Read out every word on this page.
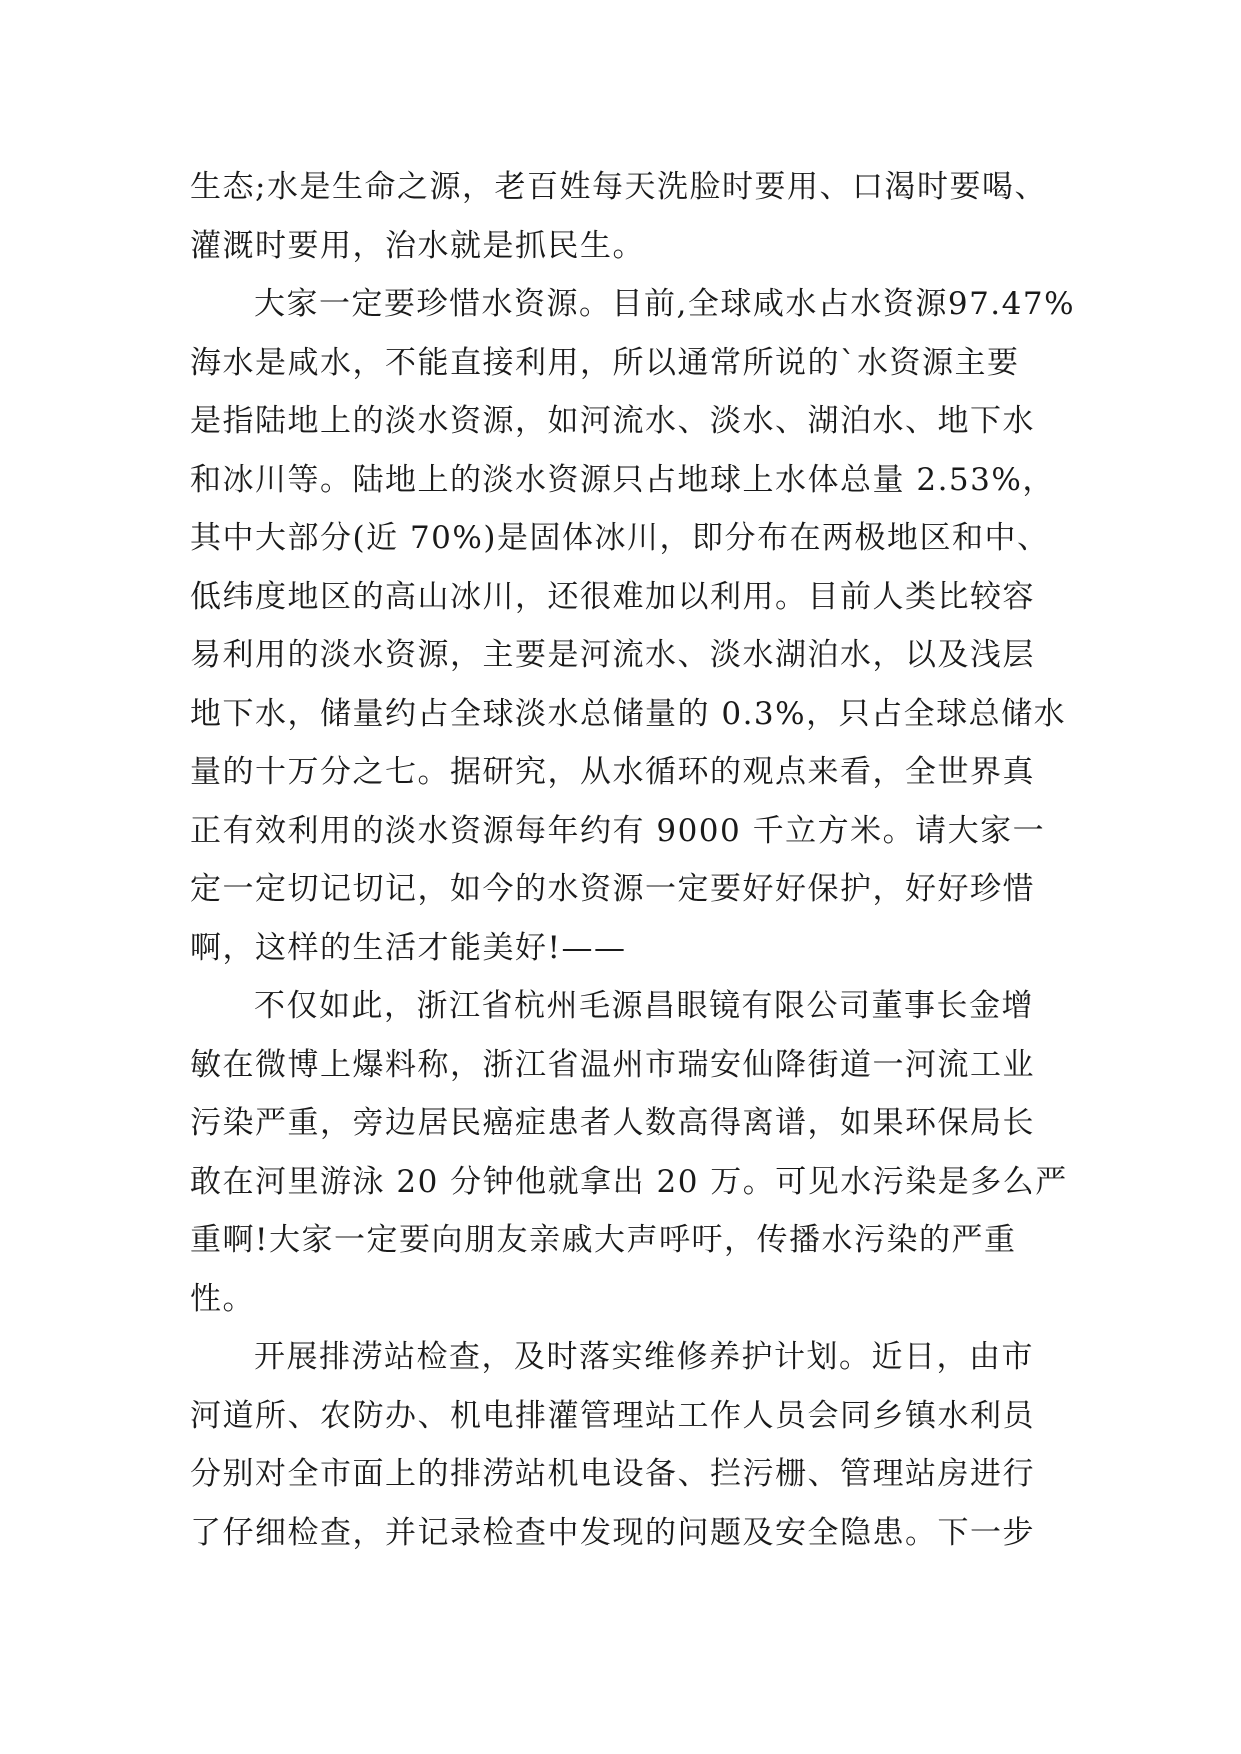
生态;水是生命之源，老百姓每天洗脸时要用、口渴时要喝、
灌溉时要用，治水就是抓民生。
大家一定要珍惜水资源。目前,全球咸水占水资源97.47%
海水是咸水，不能直接利用，所以通常所说的`水资源主要
是指陆地上的淡水资源，如河流水、淡水、湖泊水、地下水
和冰川等。陆地上的淡水资源只占地球上水体总量 2.53%，
其中大部分(近 70%)是固体冰川，即分布在两极地区和中、
低纬度地区的高山冰川，还很难加以利用。目前人类比较容
易利用的淡水资源，主要是河流水、淡水湖泊水，以及浅层
地下水，储量约占全球淡水总储量的 0.3%，只占全球总储水
量的十万分之七。据研究，从水循环的观点来看，全世界真
正有效利用的淡水资源每年约有 9000 千立方米。请大家一
定一定切记切记，如今的水资源一定要好好保护，好好珍惜
啊，这样的生活才能美好!——
不仅如此，浙江省杭州毛源昌眼镜有限公司董事长金增
敏在微博上爆料称，浙江省温州市瑞安仙降街道一河流工业
污染严重，旁边居民癌症患者人数高得离谱，如果环保局长
敢在河里游泳 20 分钟他就拿出 20 万。可见水污染是多么严
重啊!大家一定要向朋友亲戚大声呼吁，传播水污染的严重
性。
开展排涝站检查，及时落实维修养护计划。近日，由市
河道所、农防办、机电排灌管理站工作人员会同乡镇水利员
分别对全市面上的排涝站机电设备、拦污栅、管理站房进行
了仔细检查，并记录检查中发现的问题及安全隐患。下一步
